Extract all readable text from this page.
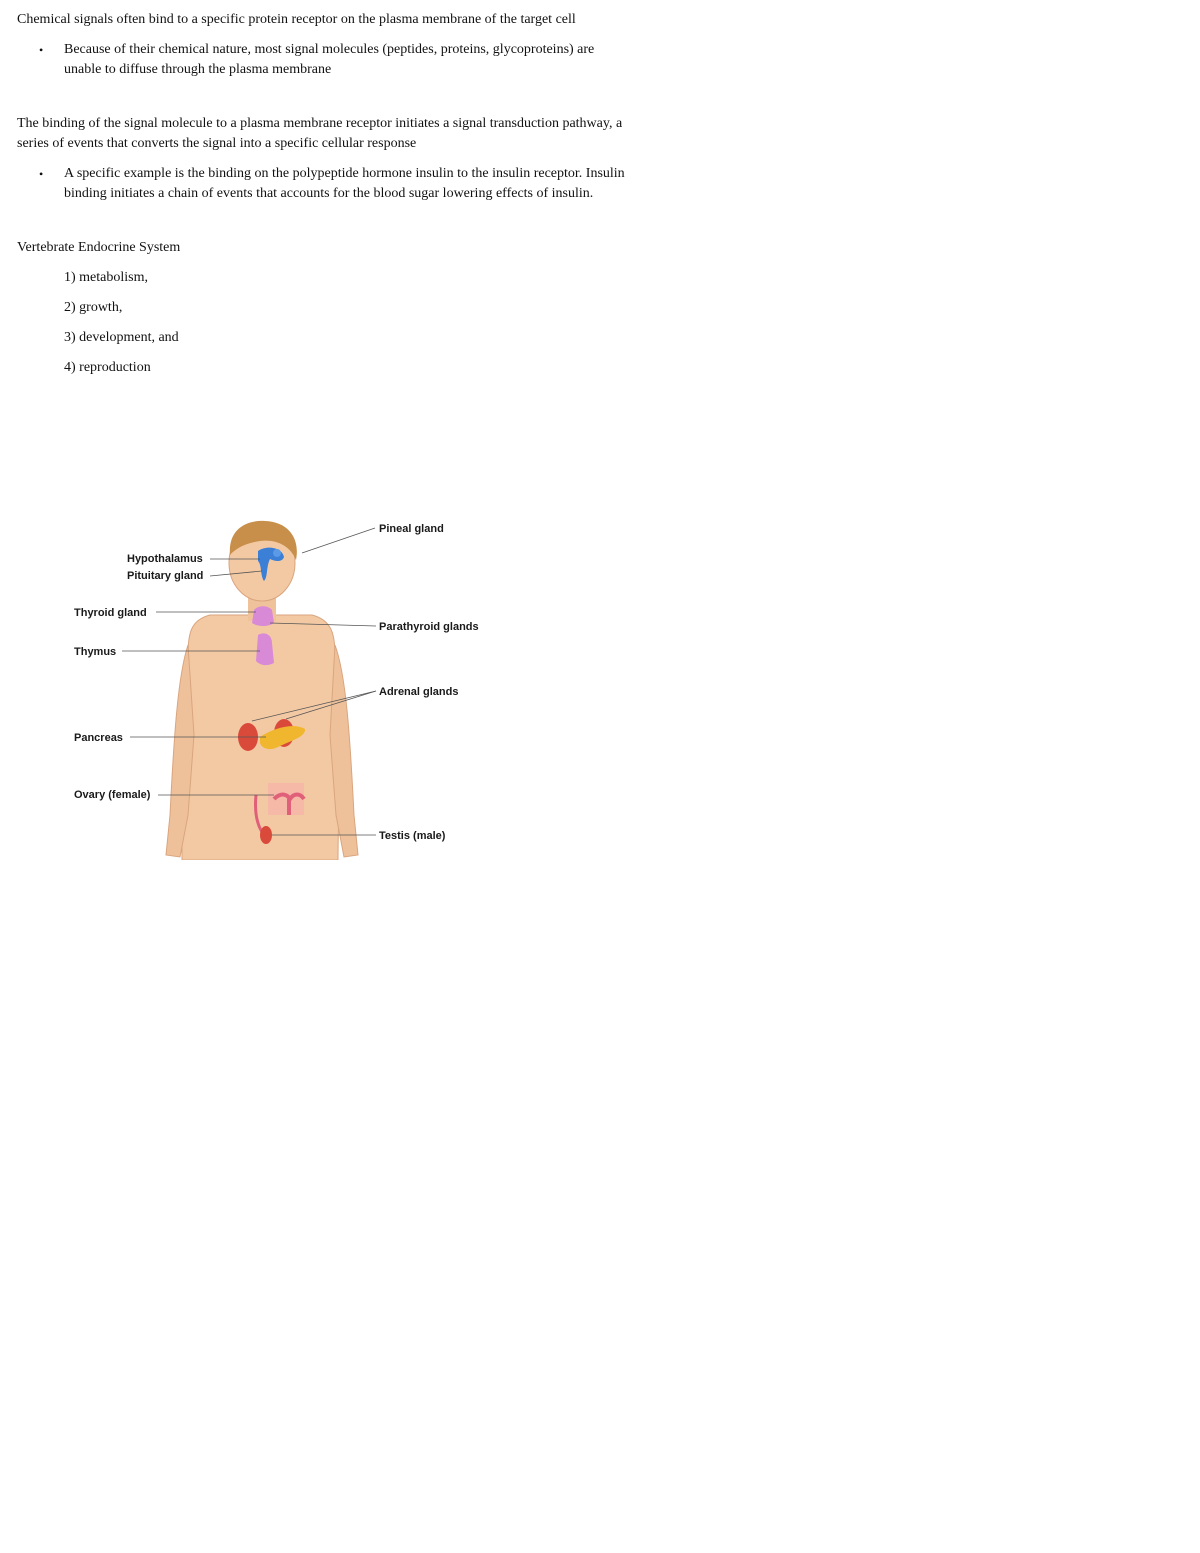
Chemical signals often bind to a specific protein receptor on the plasma membrane of the target cell

• Because of their chemical nature, most signal molecules (peptides, proteins, glycoproteins) are unable to diffuse through the plasma membrane

The binding of the signal molecule to a plasma membrane receptor initiates a signal transduction pathway, a series of events that converts the signal into a specific cellular response

• A specific example is the binding on the polypeptide hormone insulin to the insulin receptor. Insulin binding initiates a chain of events that accounts for the blood sugar lowering effects of insulin.

Vertebrate Endocrine System

1) metabolism,
2) growth,
3) development, and
4) reproduction
Pineal gland
Hypothalamus
Pituitary gland
Thyroid gland
Parathyroid glands
Thymus
Adrenal glands
Pancreas
Ovary (female)
Testis (male)
